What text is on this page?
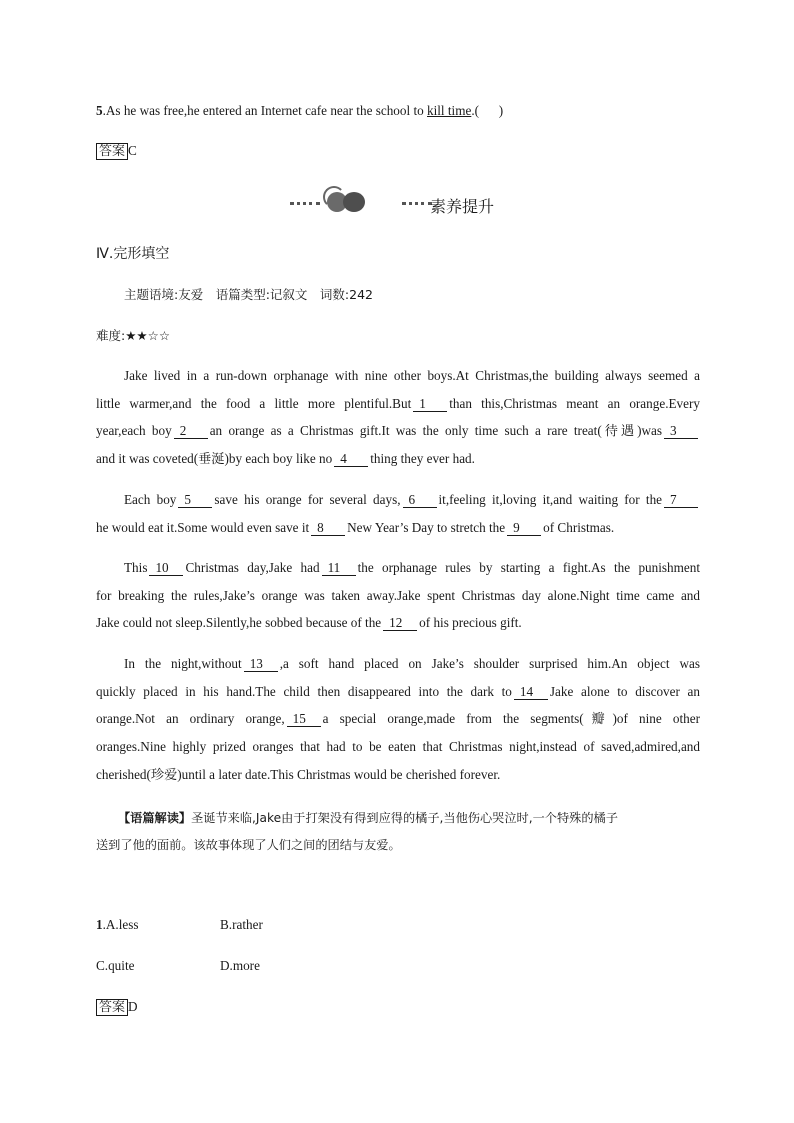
5.As he was free,he entered an Internet cafe near the school to kill time.(      )
答案 C
素养提升
Ⅳ.完形填空
主题语境:友爱　语篇类型:记叙文　词数:242
难度:★★☆☆
Jake lived in a run-down orphanage with nine other boys.At Christmas,the building always seemed a
little warmer,and the food a little more plentiful.But 1 than this,Christmas meant an orange.Every
year,each boy 2 an orange as a Christmas gift.It was the only time such a rare treat(待遇)was 3
and it was coveted(垂涎)by each boy like no 4 thing they ever had.
Each boy 5 save his orange for several days, 6 it,feeling it,loving it,and waiting for the 7
he would eat it.Some would even save it 8 New Year’s Day to stretch the 9 of Christmas.
This 10 Christmas day,Jake had 11 the orphanage rules by starting a fight.As the punishment
for breaking the rules,Jake’s orange was taken away.Jake spent Christmas day alone.Night time came and
Jake could not sleep.Silently,he sobbed because of the 12 of his precious gift.
In the night,without 13 ,a soft hand placed on Jake’s shoulder surprised him.An object was
quickly placed in his hand.The child then disappeared into the dark to 14 Jake alone to discover an
orange.Not an ordinary orange, 15 a special orange,made from the segments(瓣)of nine other
oranges.Nine highly prized oranges that had to be eaten that Christmas night,instead of saved,admired,and
cherished(珍爱)until a later date.This Christmas would be cherished forever.
【语篇解读】圣诞节来临,Jake由于打架没有得到应得的橘子,当他伤心哭泣时,一个特殊的橘子
送到了他的面前。该故事体现了人们之间的团结与友爱。
1.A.less	B.rather
C.quite	D.more
答案 D
